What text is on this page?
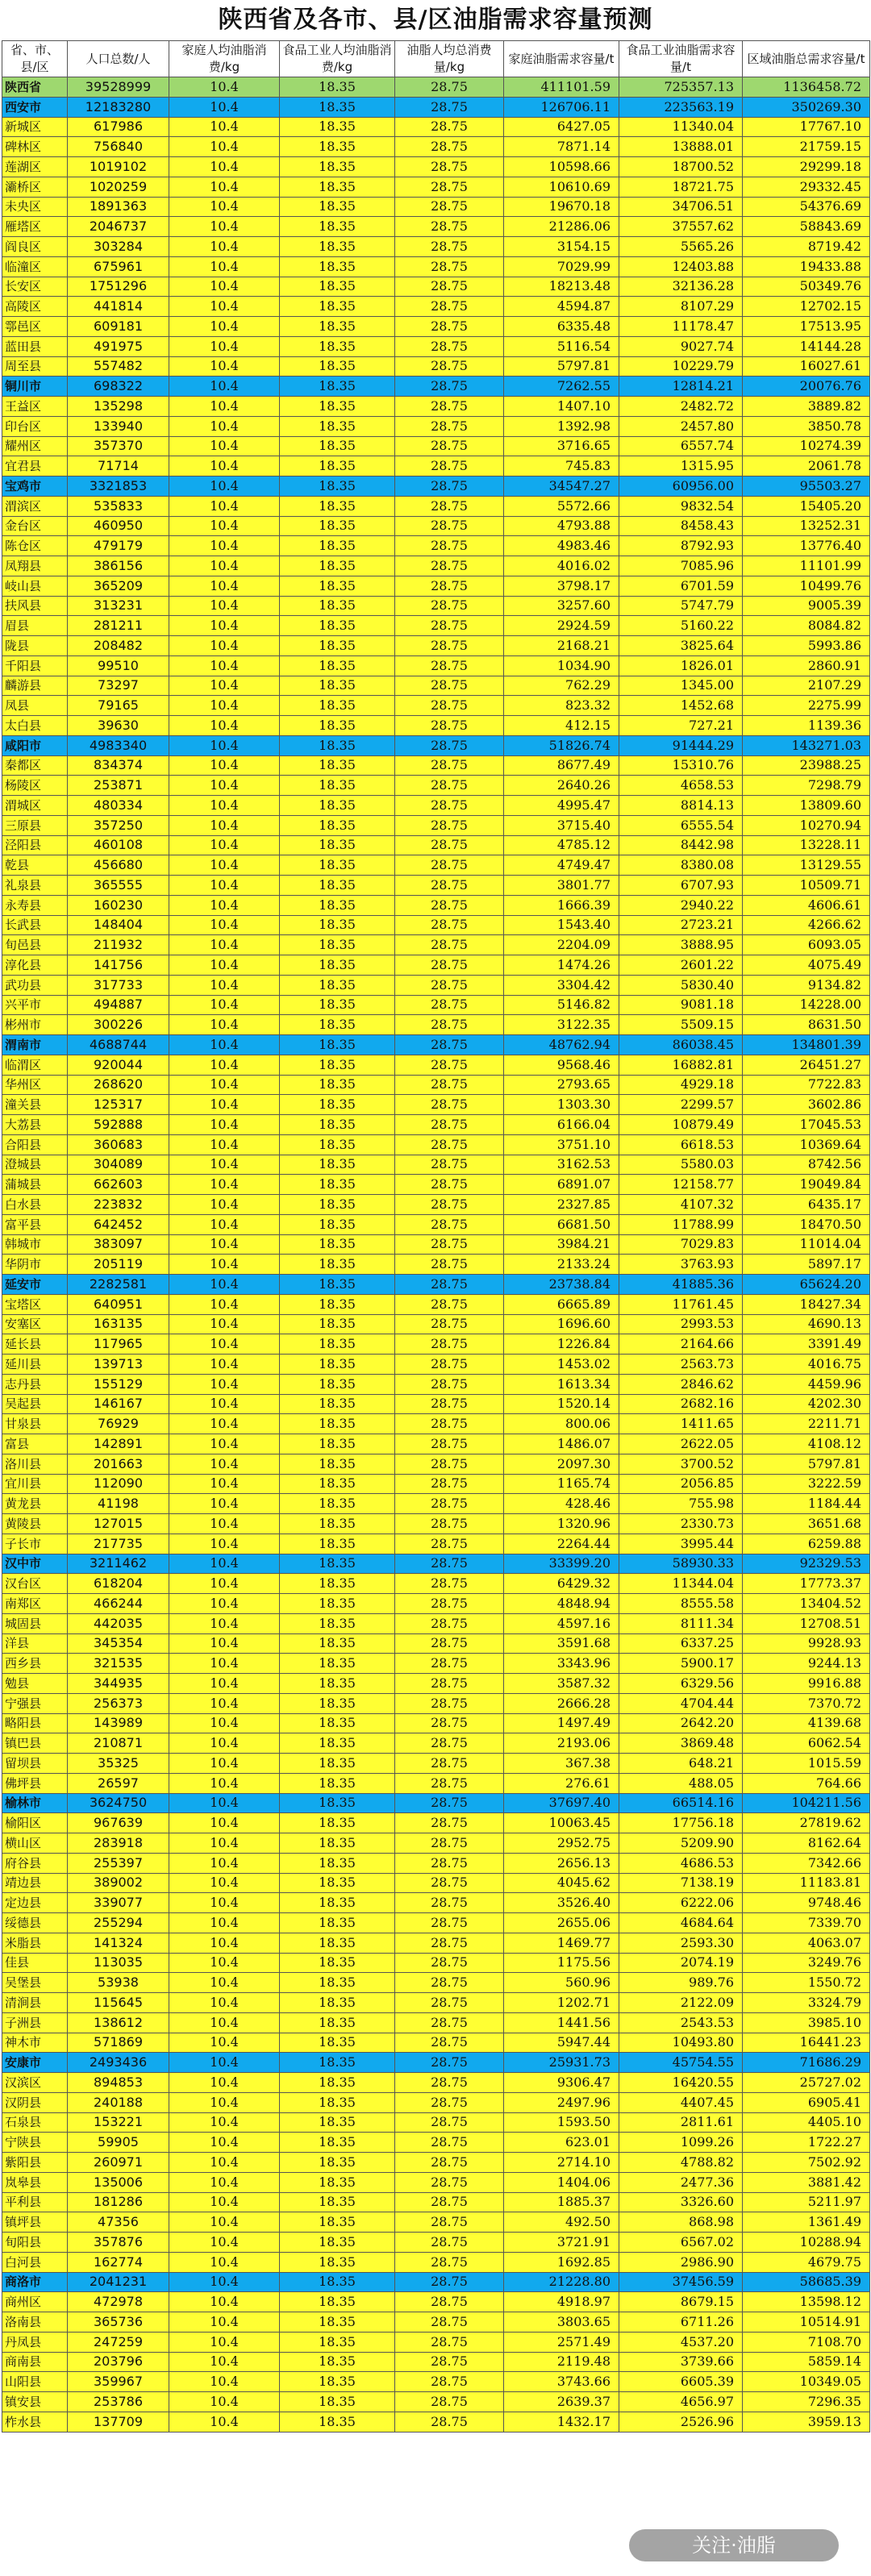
陕西省及各市、县/区油脂需求容量预测
省、市、县/区	人口总数/人	家庭人均油脂消费/kg	食品工业人均油脂消费/kg	油脂人均总消费量/kg	家庭油脂需求容量/t	食品工业油脂需求容量/t	区域油脂总需求容量/t
陕西省	39528999	10.4	18.35	28.75	411101.59	725357.13	1136458.72
西安市	12183280	10.4	18.35	28.75	126706.11	223563.19	350269.30
新城区	617986	10.4	18.35	28.75	6427.05	11340.04	17767.10
碑林区	756840	10.4	18.35	28.75	7871.14	13888.01	21759.15
莲湖区	1019102	10.4	18.35	28.75	10598.66	18700.52	29299.18
灞桥区	1020259	10.4	18.35	28.75	10610.69	18721.75	29332.45
未央区	1891363	10.4	18.35	28.75	19670.18	34706.51	54376.69
雁塔区	2046737	10.4	18.35	28.75	21286.06	37557.62	58843.69
阎良区	303284	10.4	18.35	28.75	3154.15	5565.26	8719.42
临潼区	675961	10.4	18.35	28.75	7029.99	12403.88	19433.88
长安区	1751296	10.4	18.35	28.75	18213.48	32136.28	50349.76
高陵区	441814	10.4	18.35	28.75	4594.87	8107.29	12702.15
鄠邑区	609181	10.4	18.35	28.75	6335.48	11178.47	17513.95
蓝田县	491975	10.4	18.35	28.75	5116.54	9027.74	14144.28
周至县	557482	10.4	18.35	28.75	5797.81	10229.79	16027.61
铜川市	698322	10.4	18.35	28.75	7262.55	12814.21	20076.76
王益区	135298	10.4	18.35	28.75	1407.10	2482.72	3889.82
印台区	133940	10.4	18.35	28.75	1392.98	2457.80	3850.78
耀州区	357370	10.4	18.35	28.75	3716.65	6557.74	10274.39
宜君县	71714	10.4	18.35	28.75	745.83	1315.95	2061.78
宝鸡市	3321853	10.4	18.35	28.75	34547.27	60956.00	95503.27
渭滨区	535833	10.4	18.35	28.75	5572.66	9832.54	15405.20
金台区	460950	10.4	18.35	28.75	4793.88	8458.43	13252.31
陈仓区	479179	10.4	18.35	28.75	4983.46	8792.93	13776.40
凤翔县	386156	10.4	18.35	28.75	4016.02	7085.96	11101.99
岐山县	365209	10.4	18.35	28.75	3798.17	6701.59	10499.76
扶风县	313231	10.4	18.35	28.75	3257.60	5747.79	9005.39
眉县	281211	10.4	18.35	28.75	2924.59	5160.22	8084.82
陇县	208482	10.4	18.35	28.75	2168.21	3825.64	5993.86
千阳县	99510	10.4	18.35	28.75	1034.90	1826.01	2860.91
麟游县	73297	10.4	18.35	28.75	762.29	1345.00	2107.29
凤县	79165	10.4	18.35	28.75	823.32	1452.68	2275.99
太白县	39630	10.4	18.35	28.75	412.15	727.21	1139.36
咸阳市	4983340	10.4	18.35	28.75	51826.74	91444.29	143271.03
秦都区	834374	10.4	18.35	28.75	8677.49	15310.76	23988.25
杨陵区	253871	10.4	18.35	28.75	2640.26	4658.53	7298.79
渭城区	480334	10.4	18.35	28.75	4995.47	8814.13	13809.60
三原县	357250	10.4	18.35	28.75	3715.40	6555.54	10270.94
泾阳县	460108	10.4	18.35	28.75	4785.12	8442.98	13228.11
乾县	456680	10.4	18.35	28.75	4749.47	8380.08	13129.55
礼泉县	365555	10.4	18.35	28.75	3801.77	6707.93	10509.71
永寿县	160230	10.4	18.35	28.75	1666.39	2940.22	4606.61
长武县	148404	10.4	18.35	28.75	1543.40	2723.21	4266.62
旬邑县	211932	10.4	18.35	28.75	2204.09	3888.95	6093.05
淳化县	141756	10.4	18.35	28.75	1474.26	2601.22	4075.49
武功县	317733	10.4	18.35	28.75	3304.42	5830.40	9134.82
兴平市	494887	10.4	18.35	28.75	5146.82	9081.18	14228.00
彬州市	300226	10.4	18.35	28.75	3122.35	5509.15	8631.50
渭南市	4688744	10.4	18.35	28.75	48762.94	86038.45	134801.39
临渭区	920044	10.4	18.35	28.75	9568.46	16882.81	26451.27
华州区	268620	10.4	18.35	28.75	2793.65	4929.18	7722.83
潼关县	125317	10.4	18.35	28.75	1303.30	2299.57	3602.86
大荔县	592888	10.4	18.35	28.75	6166.04	10879.49	17045.53
合阳县	360683	10.4	18.35	28.75	3751.10	6618.53	10369.64
澄城县	304089	10.4	18.35	28.75	3162.53	5580.03	8742.56
蒲城县	662603	10.4	18.35	28.75	6891.07	12158.77	19049.84
白水县	223832	10.4	18.35	28.75	2327.85	4107.32	6435.17
富平县	642452	10.4	18.35	28.75	6681.50	11788.99	18470.50
韩城市	383097	10.4	18.35	28.75	3984.21	7029.83	11014.04
华阴市	205119	10.4	18.35	28.75	2133.24	3763.93	5897.17
延安市	2282581	10.4	18.35	28.75	23738.84	41885.36	65624.20
宝塔区	640951	10.4	18.35	28.75	6665.89	11761.45	18427.34
安塞区	163135	10.4	18.35	28.75	1696.60	2993.53	4690.13
延长县	117965	10.4	18.35	28.75	1226.84	2164.66	3391.49
延川县	139713	10.4	18.35	28.75	1453.02	2563.73	4016.75
志丹县	155129	10.4	18.35	28.75	1613.34	2846.62	4459.96
吴起县	146167	10.4	18.35	28.75	1520.14	2682.16	4202.30
甘泉县	76929	10.4	18.35	28.75	800.06	1411.65	2211.71
富县	142891	10.4	18.35	28.75	1486.07	2622.05	4108.12
洛川县	201663	10.4	18.35	28.75	2097.30	3700.52	5797.81
宜川县	112090	10.4	18.35	28.75	1165.74	2056.85	3222.59
黄龙县	41198	10.4	18.35	28.75	428.46	755.98	1184.44
黄陵县	127015	10.4	18.35	28.75	1320.96	2330.73	3651.68
子长市	217735	10.4	18.35	28.75	2264.44	3995.44	6259.88
汉中市	3211462	10.4	18.35	28.75	33399.20	58930.33	92329.53
汉台区	618204	10.4	18.35	28.75	6429.32	11344.04	17773.37
南郑区	466244	10.4	18.35	28.75	4848.94	8555.58	13404.52
城固县	442035	10.4	18.35	28.75	4597.16	8111.34	12708.51
洋县	345354	10.4	18.35	28.75	3591.68	6337.25	9928.93
西乡县	321535	10.4	18.35	28.75	3343.96	5900.17	9244.13
勉县	344935	10.4	18.35	28.75	3587.32	6329.56	9916.88
宁强县	256373	10.4	18.35	28.75	2666.28	4704.44	7370.72
略阳县	143989	10.4	18.35	28.75	1497.49	2642.20	4139.68
镇巴县	210871	10.4	18.35	28.75	2193.06	3869.48	6062.54
留坝县	35325	10.4	18.35	28.75	367.38	648.21	1015.59
佛坪县	26597	10.4	18.35	28.75	276.61	488.05	764.66
榆林市	3624750	10.4	18.35	28.75	37697.40	66514.16	104211.56
榆阳区	967639	10.4	18.35	28.75	10063.45	17756.18	27819.62
横山区	283918	10.4	18.35	28.75	2952.75	5209.90	8162.64
府谷县	255397	10.4	18.35	28.75	2656.13	4686.53	7342.66
靖边县	389002	10.4	18.35	28.75	4045.62	7138.19	11183.81
定边县	339077	10.4	18.35	28.75	3526.40	6222.06	9748.46
绥德县	255294	10.4	18.35	28.75	2655.06	4684.64	7339.70
米脂县	141324	10.4	18.35	28.75	1469.77	2593.30	4063.07
佳县	113035	10.4	18.35	28.75	1175.56	2074.19	3249.76
吴堡县	53938	10.4	18.35	28.75	560.96	989.76	1550.72
清涧县	115645	10.4	18.35	28.75	1202.71	2122.09	3324.79
子洲县	138612	10.4	18.35	28.75	1441.56	2543.53	3985.10
神木市	571869	10.4	18.35	28.75	5947.44	10493.80	16441.23
安康市	2493436	10.4	18.35	28.75	25931.73	45754.55	71686.29
汉滨区	894853	10.4	18.35	28.75	9306.47	16420.55	25727.02
汉阴县	240188	10.4	18.35	28.75	2497.96	4407.45	6905.41
石泉县	153221	10.4	18.35	28.75	1593.50	2811.61	4405.10
宁陕县	59905	10.4	18.35	28.75	623.01	1099.26	1722.27
紫阳县	260971	10.4	18.35	28.75	2714.10	4788.82	7502.92
岚皋县	135006	10.4	18.35	28.75	1404.06	2477.36	3881.42
平利县	181286	10.4	18.35	28.75	1885.37	3326.60	5211.97
镇坪县	47356	10.4	18.35	28.75	492.50	868.98	1361.49
旬阳县	357876	10.4	18.35	28.75	3721.91	6567.02	10288.94
白河县	162774	10.4	18.35	28.75	1692.85	2986.90	4679.75
商洛市	2041231	10.4	18.35	28.75	21228.80	37456.59	58685.39
商州区	472978	10.4	18.35	28.75	4918.97	8679.15	13598.12
洛南县	365736	10.4	18.35	28.75	3803.65	6711.26	10514.91
丹凤县	247259	10.4	18.35	28.75	2571.49	4537.20	7108.70
商南县	203796	10.4	18.35	28.75	2119.48	3739.66	5859.14
山阳县	359967	10.4	18.35	28.75	3743.66	6605.39	10349.05
镇安县	253786	10.4	18.35	28.75	2639.37	4656.97	7296.35
柞水县	137709	10.4	18.35	28.75	1432.17	2526.96	3959.13
关注·油脂
